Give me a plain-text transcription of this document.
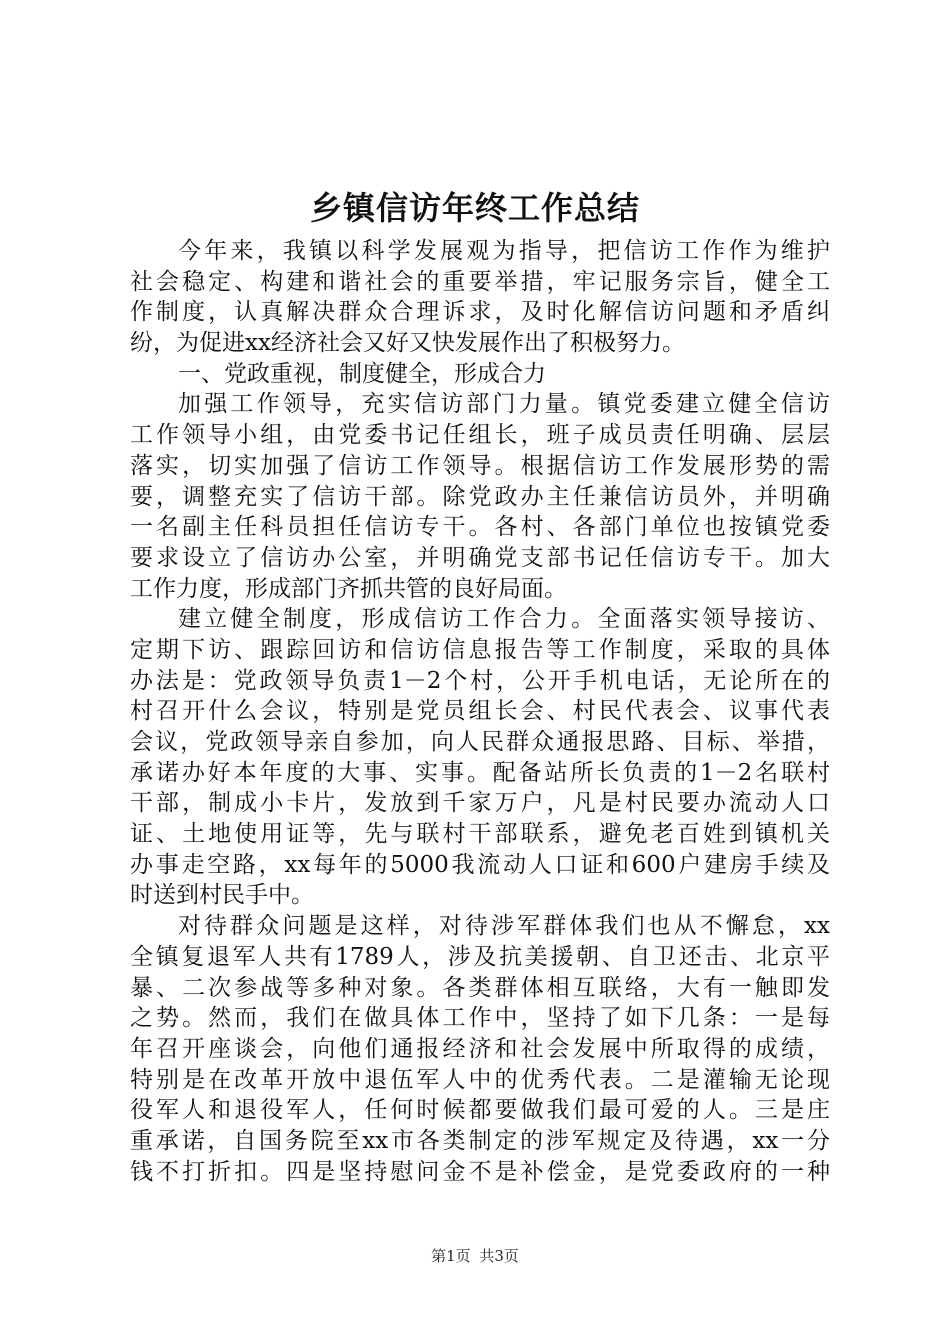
乡镇信访年终工作总结
今年来，我镇以科学发展观为指导，把信访工作作为维护
社会稳定、构建和谐社会的重要举措，牢记服务宗旨，健全工
作制度，认真解决群众合理诉求，及时化解信访问题和矛盾纠
纷，为促进xx经济社会又好又快发展作出了积极努力。
一、党政重视，制度健全，形成合力
加强工作领导，充实信访部门力量。镇党委建立健全信访
工作领导小组，由党委书记任组长，班子成员责任明确、层层
落实，切实加强了信访工作领导。根据信访工作发展形势的需
要，调整充实了信访干部。除党政办主任兼信访员外，并明确
一名副主任科员担任信访专干。各村、各部门单位也按镇党委
要求设立了信访办公室，并明确党支部书记任信访专干。加大
工作力度，形成部门齐抓共管的良好局面。
建立健全制度，形成信访工作合力。全面落实领导接访、
定期下访、跟踪回访和信访信息报告等工作制度，采取的具体
办法是：党政领导负责1－2个村，公开手机电话，无论所在的
村召开什么会议，特别是党员组长会、村民代表会、议事代表
会议，党政领导亲自参加，向人民群众通报思路、目标、举措，
承诺办好本年度的大事、实事。配备站所长负责的1－2名联村
干部，制成小卡片，发放到千家万户，凡是村民要办流动人口
证、土地使用证等，先与联村干部联系，避免老百姓到镇机关
办事走空路，xx每年的5000我流动人口证和600户建房手续及
时送到村民手中。
对待群众问题是这样，对待涉军群体我们也从不懈怠，xx
全镇复退军人共有1789人，涉及抗美援朝、自卫还击、北京平
暴、二次参战等多种对象。各类群体相互联络，大有一触即发
之势。然而，我们在做具体工作中，坚持了如下几条：一是每
年召开座谈会，向他们通报经济和社会发展中所取得的成绩，
特别是在改革开放中退伍军人中的优秀代表。二是灌输无论现
役军人和退役军人，任何时候都要做我们最可爱的人。三是庄
重承诺，自国务院至xx市各类制定的涉军规定及待遇，xx一分
钱不打折扣。四是坚持慰问金不是补偿金，是党委政府的一种
第1页 共3页
